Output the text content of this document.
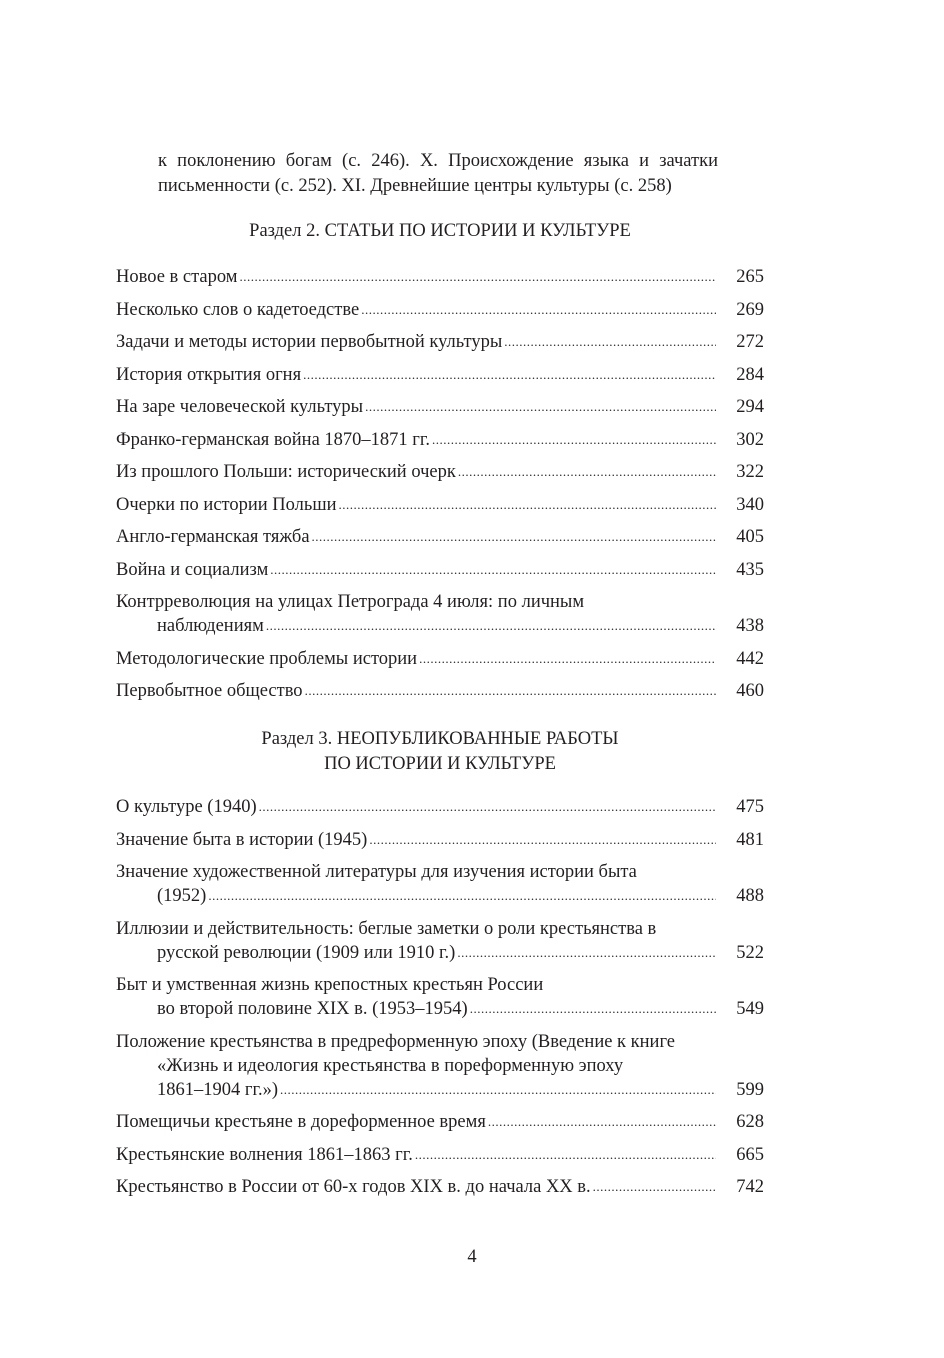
к поклонению богам (с. 246). X. Происхождение языка и зачатки письменности (с. 252). XI. Древнейшие центры культуры (с. 258)

Раздел 2. СТАТЬИ ПО ИСТОРИИ И КУЛЬТУРЕ
Новое в старом .....	265
Несколько слов о кадетоедстве .....	269
Задачи и методы истории первобытной культуры .....	272
История открытия огня .....	284
На заре человеческой культуры .....	294
Франко-германская война 1870–1871 гг. .....	302
Из прошлого Польши: исторический очерк .....	322
Очерки по истории Польши .....	340
Англо-германская тяжба .....	405
Война и социализм .....	435
Контрреволюция на улицах Петрограда 4 июля: по личным
наблюдениям .....	438
Методологические проблемы истории .....	442
Первобытное общество .....	460
Раздел 3. НЕОПУБЛИКОВАННЫЕ РАБОТЫ
ПО ИСТОРИИ И КУЛЬТУРЕ
О культуре (1940) .....	475
Значение быта в истории (1945) .....	481
Значение художественной литературы для изучения истории быта
(1952) .....	488
Иллюзии и действительность: беглые заметки о роли крестьянства в
русской революции (1909 или 1910 г.) .....	522
Быт и умственная жизнь крепостных крестьян России
во второй половине XIX в. (1953–1954) .....	549
Положение крестьянства в предреформенную эпоху (Введение к книге
«Жизнь и идеология крестьянства в пореформенную эпоху
1861–1904 гг.») .....	599
Помещичьи крестьяне в дореформенное время .....	628
Крестьянские волнения 1861–1863 гг. .....	665
Крестьянство в России от 60-х годов XIX в. до начала XX в. .....	742

4
